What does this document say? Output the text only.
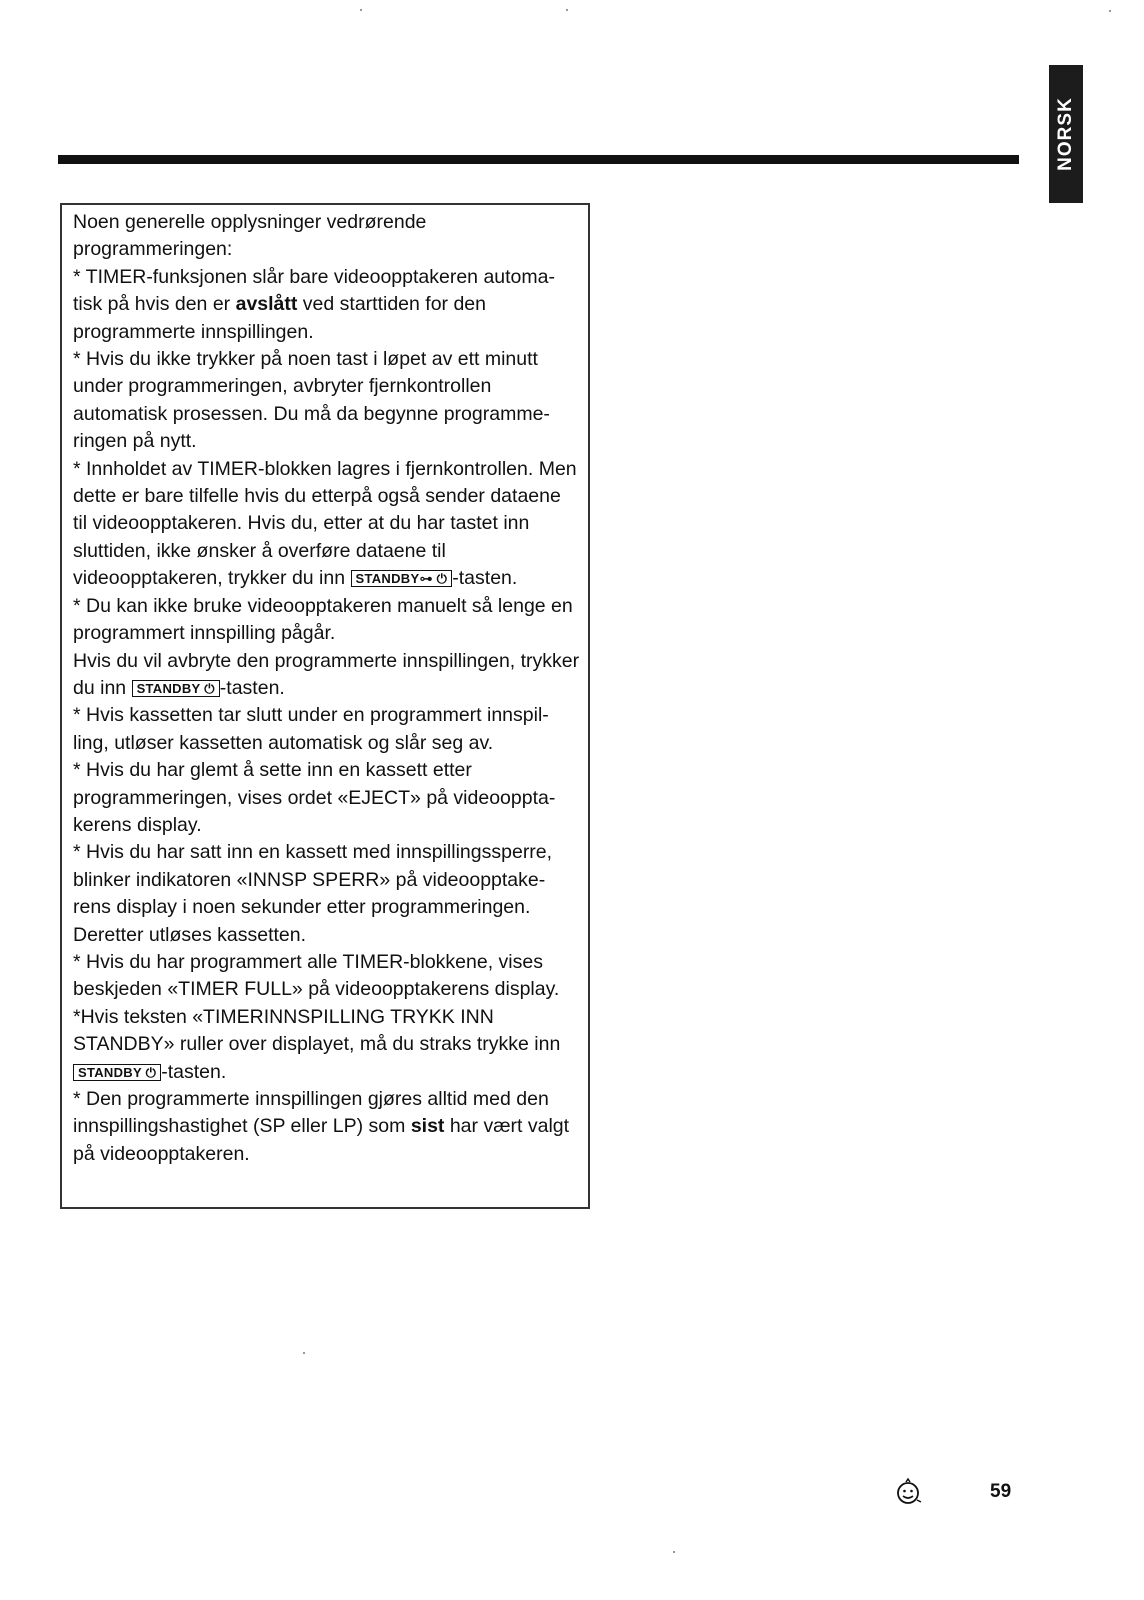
NORSK

Noen generelle opplysninger vedrørende programmeringen:

* TIMER-funksjonen slår bare videoopptakeren automa-tisk på hvis den er avslått ved starttiden for den programmerte innspillingen.

* Hvis du ikke trykker på noen tast i løpet av ett minutt under programmeringen, avbryter fjernkontrollen automatisk prosessen. Du må da begynne programme-ringen på nytt.

* Innholdet av TIMER-blokken lagres i fjernkontrollen. Men dette er bare tilfelle hvis du etterpå også sender dataene til videoopptakeren. Hvis du, etter at du har tastet inn sluttiden, ikke ønsker å overføre dataene til videoopptakeren, trykker du inn STANDBY⊶ ⏻ -tasten.

* Du kan ikke bruke videoopptakeren manuelt så lenge en programmert innspilling pågår.

Hvis du vil avbryte den programmerte innspillingen, trykker du inn STANDBY ⏻ -tasten.

* Hvis kassetten tar slutt under en programmert innspil-ling, utløser kassetten automatisk og slår seg av.

* Hvis du har glemt å sette inn en kassett etter programmeringen, vises ordet «EJECT» på videooppta-kerens display.

* Hvis du har satt inn en kassett med innspillingssperre, blinker indikatoren «INNSP SPERR» på videoopptake-rens display i noen sekunder etter programmeringen. Deretter utløses kassetten.

* Hvis du har programmert alle TIMER-blokkene, vises beskjeden «TIMER FULL» på videoopptakerens display.

*Hvis teksten «TIMERINNSPILLING TRYKK INN STANDBY» ruller over displayet, må du straks trykke inn STANDBY ⏻ -tasten.

* Den programmerte innspillingen gjøres alltid med den innspillingshastighet (SP eller LP) som sist har vært valgt på videoopptakeren.

59
